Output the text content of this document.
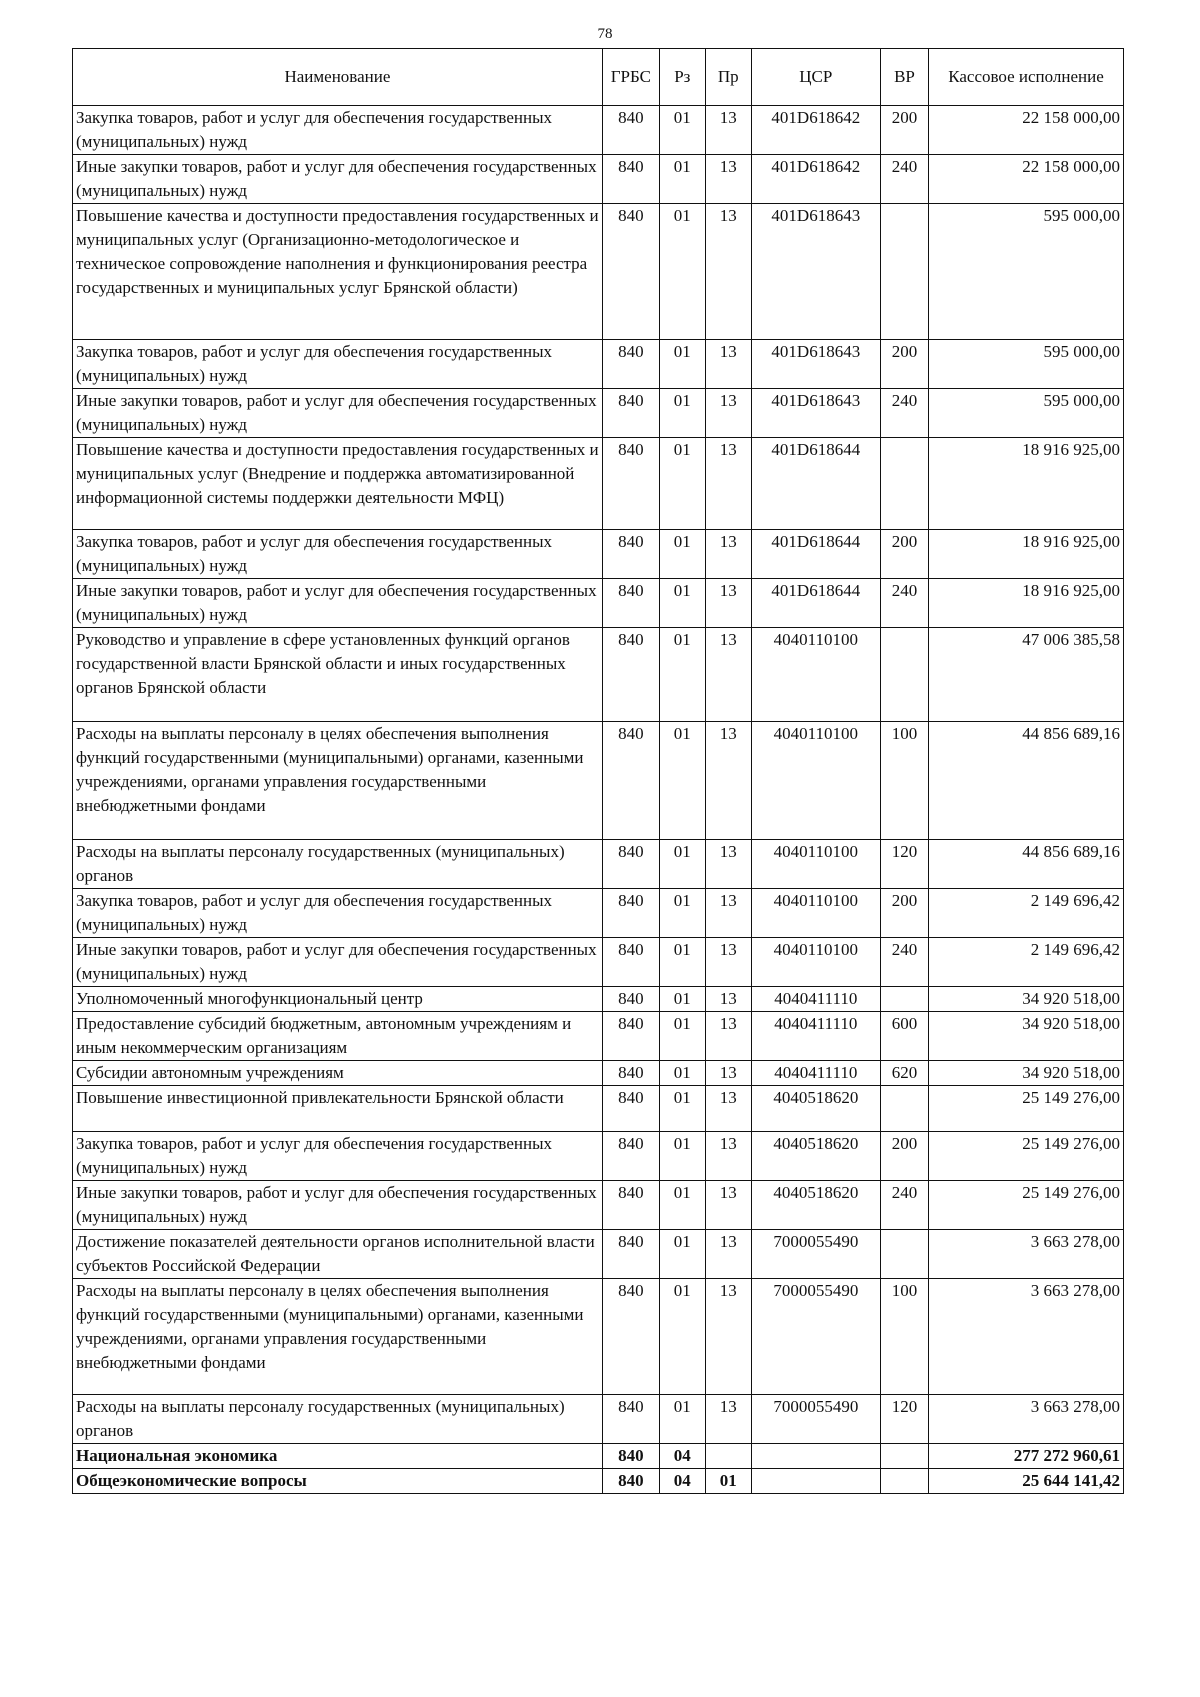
78
Наименование	ГРБС	Рз	Пр	ЦСР	ВР	Кассовое исполнение
Закупка товаров, работ и услуг для обеспечения государственных (муниципальных) нужд	840	01	13	401D618642	200	22 158 000,00
Иные закупки товаров, работ и услуг для обеспечения государственных (муниципальных) нужд	840	01	13	401D618642	240	22 158 000,00
Повышение качества и доступности предоставления государственных и муниципальных услуг (Организационно-методологическое и техническое сопровождение наполнения и функционирования реестра государственных и муниципальных услуг Брянской области)	840	01	13	401D618643		595 000,00
Закупка товаров, работ и услуг для обеспечения государственных (муниципальных) нужд	840	01	13	401D618643	200	595 000,00
Иные закупки товаров, работ и услуг для обеспечения государственных (муниципальных) нужд	840	01	13	401D618643	240	595 000,00
Повышение качества и доступности предоставления государственных и муниципальных услуг (Внедрение и поддержка автоматизированной информационной системы поддержки деятельности МФЦ)	840	01	13	401D618644		18 916 925,00
Закупка товаров, работ и услуг для обеспечения государственных (муниципальных) нужд	840	01	13	401D618644	200	18 916 925,00
Иные закупки товаров, работ и услуг для обеспечения государственных (муниципальных) нужд	840	01	13	401D618644	240	18 916 925,00
Руководство и управление в сфере установленных функций органов государственной власти Брянской области и иных государственных органов Брянской области	840	01	13	4040110100		47 006 385,58
Расходы на выплаты персоналу в целях обеспечения выполнения функций государственными (муниципальными) органами, казенными учреждениями, органами управления государственными внебюджетными фондами	840	01	13	4040110100	100	44 856 689,16
Расходы на выплаты персоналу государственных (муниципальных) органов	840	01	13	4040110100	120	44 856 689,16
Закупка товаров, работ и услуг для обеспечения государственных (муниципальных) нужд	840	01	13	4040110100	200	2 149 696,42
Иные закупки товаров, работ и услуг для обеспечения государственных (муниципальных) нужд	840	01	13	4040110100	240	2 149 696,42
Уполномоченный многофункциональный центр	840	01	13	4040411110		34 920 518,00
Предоставление субсидий бюджетным, автономным учреждениям и иным некоммерческим организациям	840	01	13	4040411110	600	34 920 518,00
Субсидии автономным учреждениям	840	01	13	4040411110	620	34 920 518,00
Повышение инвестиционной привлекательности Брянской области	840	01	13	4040518620		25 149 276,00
Закупка товаров, работ и услуг для обеспечения государственных (муниципальных) нужд	840	01	13	4040518620	200	25 149 276,00
Иные закупки товаров, работ и услуг для обеспечения государственных (муниципальных) нужд	840	01	13	4040518620	240	25 149 276,00
Достижение показателей деятельности органов исполнительной власти субъектов Российской Федерации	840	01	13	7000055490		3 663 278,00
Расходы на выплаты персоналу в целях обеспечения выполнения функций государственными (муниципальными) органами, казенными учреждениями, органами управления государственными внебюджетными фондами	840	01	13	7000055490	100	3 663 278,00
Расходы на выплаты персоналу государственных (муниципальных) органов	840	01	13	7000055490	120	3 663 278,00
Национальная экономика	840	04				277 272 960,61
Общеэкономические вопросы	840	04	01			25 644 141,42
